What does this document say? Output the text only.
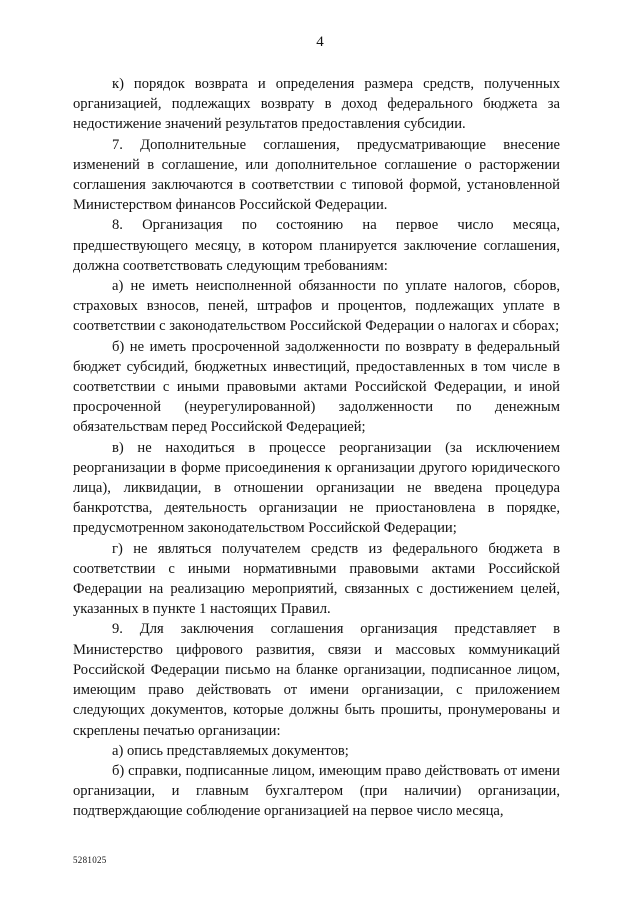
4

к) порядок возврата и определения размера средств, полученных организацией, подлежащих возврату в доход федерального бюджета за недостижение значений результатов предоставления субсидии.

7. Дополнительные соглашения, предусматривающие внесение изменений в соглашение, или дополнительное соглашение о расторжении соглашения заключаются в соответствии с типовой формой, установленной Министерством финансов Российской Федерации.

8. Организация по состоянию на первое число месяца, предшествующего месяцу, в котором планируется заключение соглашения, должна соответствовать следующим требованиям:

а) не иметь неисполненной обязанности по уплате налогов, сборов, страховых взносов, пеней, штрафов и процентов, подлежащих уплате в соответствии с законодательством Российской Федерации о налогах и сборах;

б) не иметь просроченной задолженности по возврату в федеральный бюджет субсидий, бюджетных инвестиций, предоставленных в том числе в соответствии с иными правовыми актами Российской Федерации, и иной просроченной (неурегулированной) задолженности по денежным обязательствам перед Российской Федерацией;

в) не находиться в процессе реорганизации (за исключением реорганизации в форме присоединения к организации другого юридического лица), ликвидации, в отношении организации не введена процедура банкротства, деятельность организации не приостановлена в порядке, предусмотренном законодательством Российской Федерации;

г) не являться получателем средств из федерального бюджета в соответствии с иными нормативными правовыми актами Российской Федерации на реализацию мероприятий, связанных с достижением целей, указанных в пункте 1 настоящих Правил.

9. Для заключения соглашения организация представляет в Министерство цифрового развития, связи и массовых коммуникаций Российской Федерации письмо на бланке организации, подписанное лицом, имеющим право действовать от имени организации, с приложением следующих документов, которые должны быть прошиты, пронумерованы и скреплены печатью организации:

а) опись представляемых документов;

б) справки, подписанные лицом, имеющим право действовать от имени организации, и главным бухгалтером (при наличии) организации, подтверждающие соблюдение организацией на первое число месяца,

5281025
